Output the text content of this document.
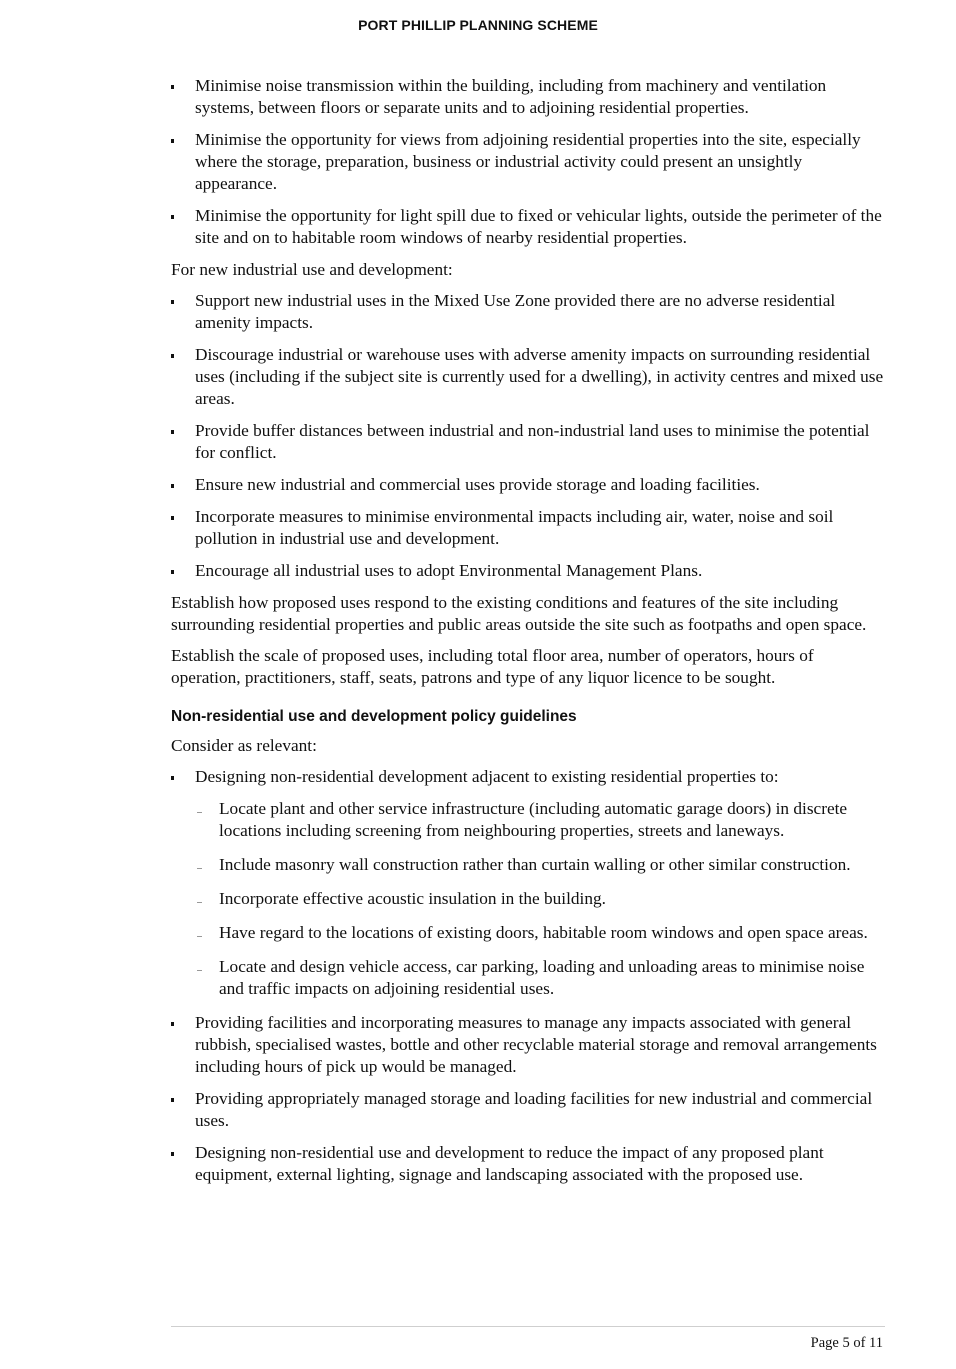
PORT PHILLIP PLANNING SCHEME
Minimise noise transmission within the building, including from machinery and ventilation systems, between floors or separate units and to adjoining residential properties.
Minimise the opportunity for views from adjoining residential properties into the site, especially where the storage, preparation, business or industrial activity could present an unsightly appearance.
Minimise the opportunity for light spill due to fixed or vehicular lights, outside the perimeter of the site and on to habitable room windows of nearby residential properties.

For new industrial use and development:

Support new industrial uses in the Mixed Use Zone provided there are no adverse residential amenity impacts.
Discourage industrial or warehouse uses with adverse amenity impacts on surrounding residential uses (including if the subject site is currently used for a dwelling), in activity centres and mixed use areas.
Provide buffer distances between industrial and non-industrial land uses to minimise the potential for conflict.
Ensure new industrial and commercial uses provide storage and loading facilities.
Incorporate measures to minimise environmental impacts including air, water, noise and soil pollution in industrial use and development.
Encourage all industrial uses to adopt Environmental Management Plans.

Establish how proposed uses respond to the existing conditions and features of the site including surrounding residential properties and public areas outside the site such as footpaths and open space.

Establish the scale of proposed uses, including total floor area, number of operators, hours of operation, practitioners, staff, seats, patrons and type of any liquor licence to be sought.

Non-residential use and development policy guidelines

Consider as relevant:

Designing non-residential development adjacent to existing residential properties to:
Locate plant and other service infrastructure (including automatic garage doors) in discrete locations including screening from neighbouring properties, streets and laneways.
Include masonry wall construction rather than curtain walling or other similar construction.
Incorporate effective acoustic insulation in the building.
Have regard to the locations of existing doors, habitable room windows and open space areas.
Locate and design vehicle access, car parking, loading and unloading areas to minimise noise and traffic impacts on adjoining residential uses.
Providing facilities and incorporating measures to manage any impacts associated with general rubbish, specialised wastes, bottle and other recyclable material storage and removal arrangements including hours of pick up would be managed.
Providing appropriately managed storage and loading facilities for new industrial and commercial uses.
Designing non-residential use and development to reduce the impact of any proposed plant equipment, external lighting, signage and landscaping associated with the proposed use.
Page 5 of 11
